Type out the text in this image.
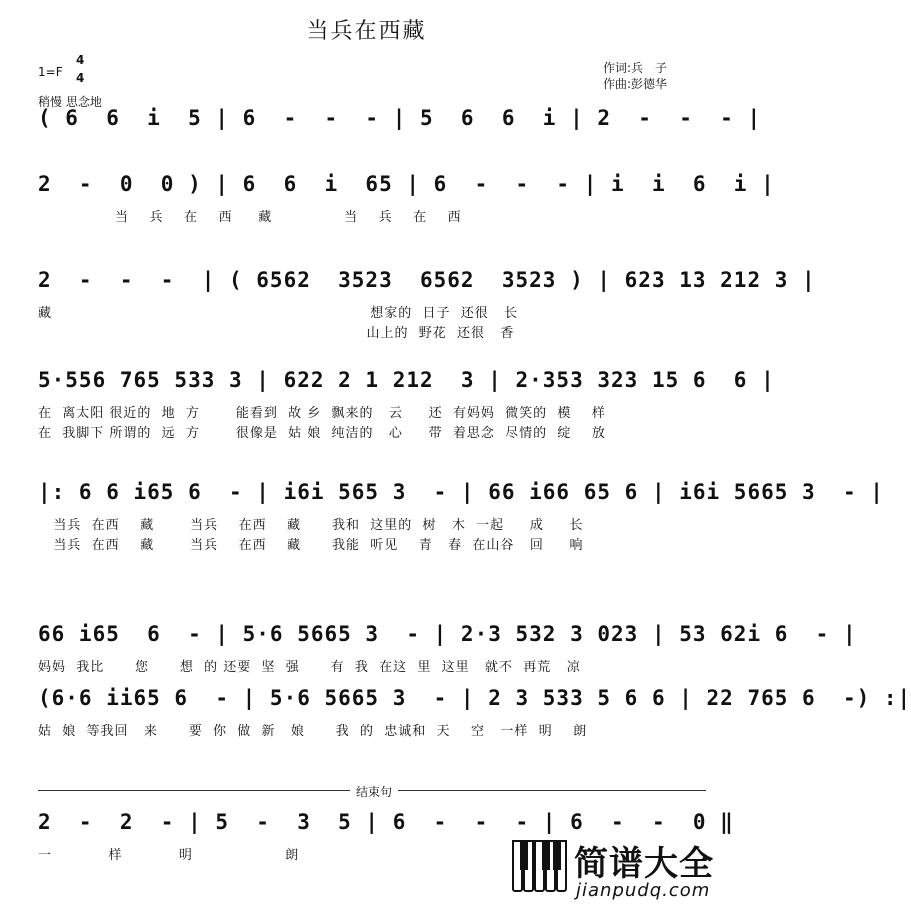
当兵在西藏
1=F
4
4
稍慢 思念地
作词:兵　子
作曲:彭德华
( 6  6  i  5 | 6  -  -  - | 5  6  6  i | 2  -  -  - |
2  -  0  0 ) | 6  6  i  65 | 6  -  -  - | i  i  6  i |
当    兵    在    西     藏              当    兵    在    西
2  -  -  -  | ( 6562  3523  6562  3523 ) | 623 13 212 3 |
藏                                                              想家的  日子  还很   长
山上的  野花  还很   香
5·556 765 533 3 | 622 2 1 212  3 | 2·353 323 15 6  6 |
在  离太阳 很近的  地  方       能看到  故 乡  飘来的   云     还  有妈妈  微笑的  模    样
在  我脚下 所谓的  远  方       很像是  姑 娘  纯洁的   心     带  着思念  尽情的  绽    放
|: 6 6 i65 6  - | i6i 565 3  - | 66 i66 65 6 | i6i 5665 3  - |
当兵  在西    藏       当兵    在西    藏      我和  这里的  树   木  一起     成     长
当兵  在西    藏       当兵    在西    藏      我能  听见    青   春  在山谷   回     响
66 i65  6  - | 5·6 5665 3  - | 2·3 532 3 023 | 53 62i 6  - |
妈妈  我比      您      想  的 还要  坚  强      有  我  在这  里  这里   就不  再荒   凉
(6·6 ii65 6  - | 5·6 5665 3  - | 2 3 533 5 6 6 | 22 765 6  -) :|
姑  娘  等我回   来      要  你  做  新   娘      我  的  忠诚和  天    空   一样  明    朗
2  -  2  - | 5  -  3  5 | 6  -  -  - | 6  -  -  0 ‖
一           样           明                  朗
结束句
简谱大全
jianpudq.com
